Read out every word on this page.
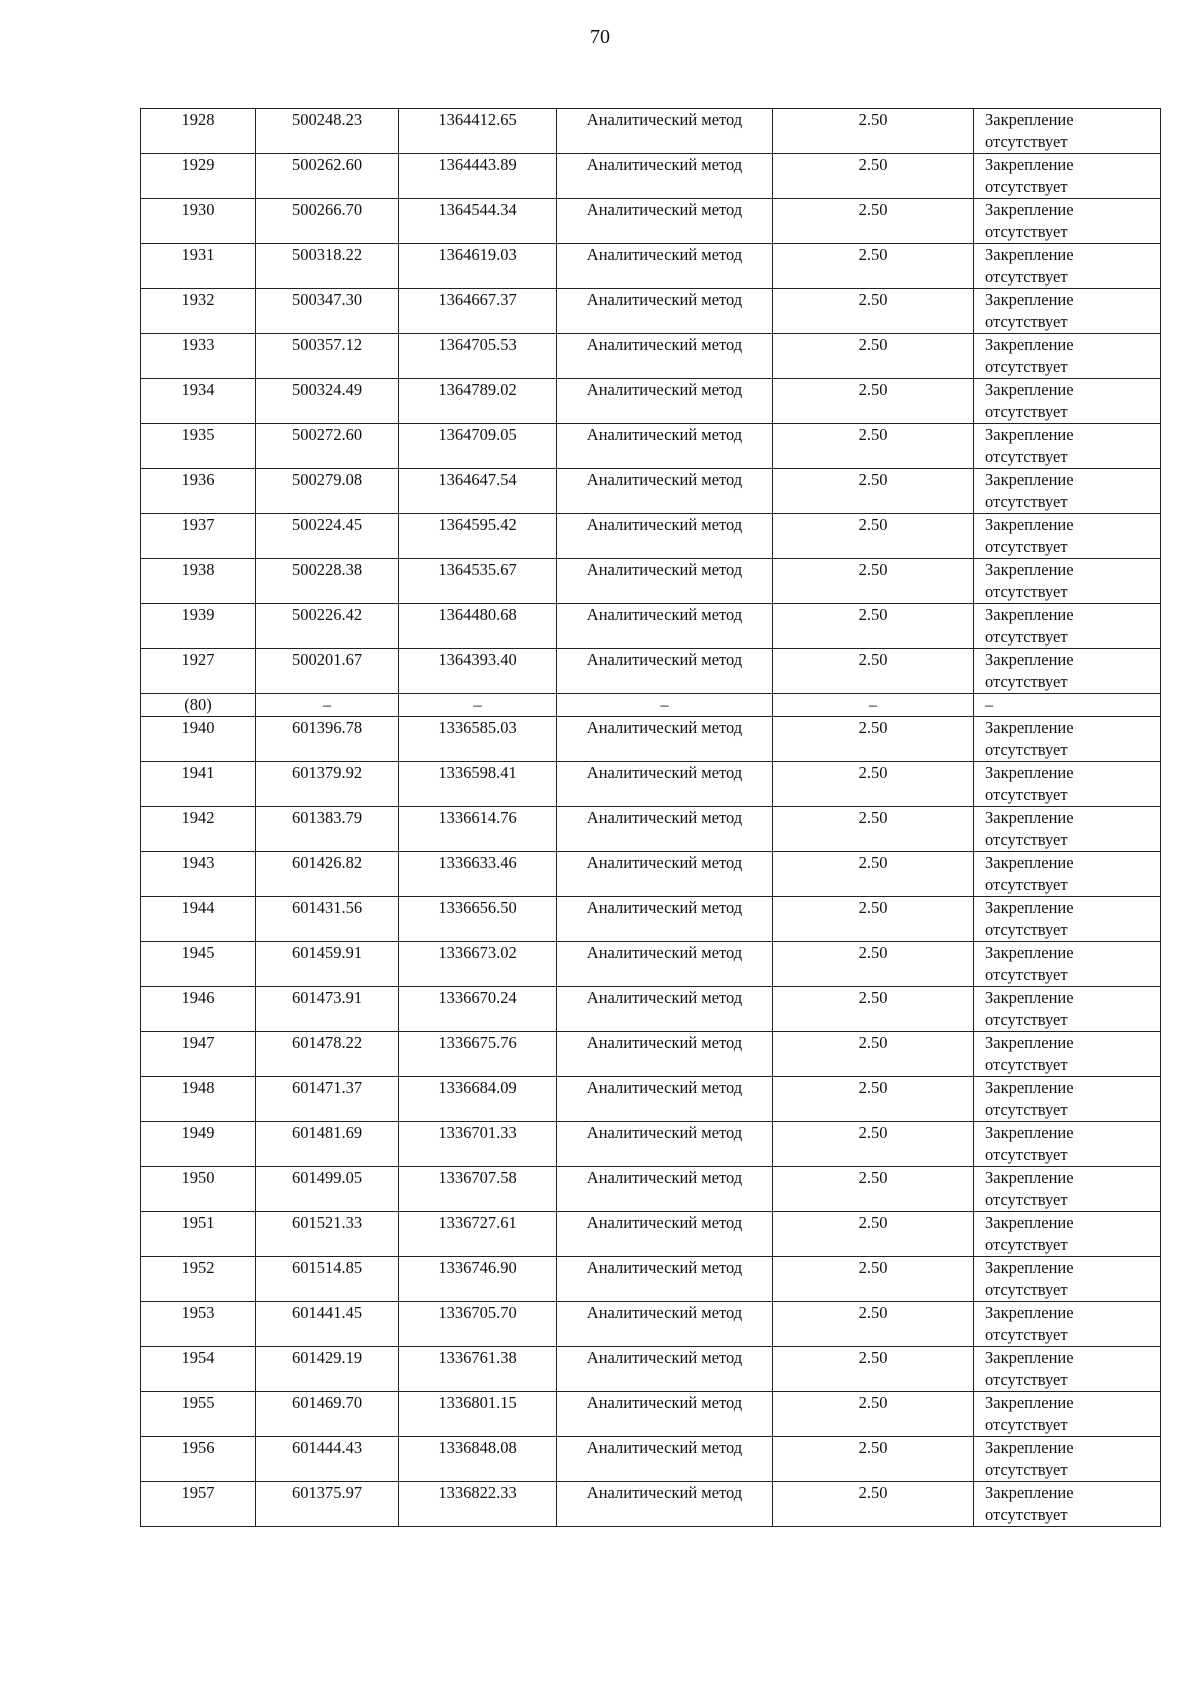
70
1928	500248.23	1364412.65	Аналитический метод	2.50	Закрепление
отсутствует

1929	500262.60	1364443.89	Аналитический метод	2.50	Закрепление
отсутствует

1930	500266.70	1364544.34	Аналитический метод	2.50	Закрепление
отсутствует

1931	500318.22	1364619.03	Аналитический метод	2.50	Закрепление
отсутствует

1932	500347.30	1364667.37	Аналитический метод	2.50	Закрепление
отсутствует

1933	500357.12	1364705.53	Аналитический метод	2.50	Закрепление
отсутствует

1934	500324.49	1364789.02	Аналитический метод	2.50	Закрепление
отсутствует

1935	500272.60	1364709.05	Аналитический метод	2.50	Закрепление
отсутствует

1936	500279.08	1364647.54	Аналитический метод	2.50	Закрепление
отсутствует

1937	500224.45	1364595.42	Аналитический метод	2.50	Закрепление
отсутствует

1938	500228.38	1364535.67	Аналитический метод	2.50	Закрепление
отсутствует

1939	500226.42	1364480.68	Аналитический метод	2.50	Закрепление
отсутствует

1927	500201.67	1364393.40	Аналитический метод	2.50	Закрепление
отсутствует

(80)	–	–	–	–	–

1940	601396.78	1336585.03	Аналитический метод	2.50	Закрепление
отсутствует

1941	601379.92	1336598.41	Аналитический метод	2.50	Закрепление
отсутствует

1942	601383.79	1336614.76	Аналитический метод	2.50	Закрепление
отсутствует

1943	601426.82	1336633.46	Аналитический метод	2.50	Закрепление
отсутствует

1944	601431.56	1336656.50	Аналитический метод	2.50	Закрепление
отсутствует

1945	601459.91	1336673.02	Аналитический метод	2.50	Закрепление
отсутствует

1946	601473.91	1336670.24	Аналитический метод	2.50	Закрепление
отсутствует

1947	601478.22	1336675.76	Аналитический метод	2.50	Закрепление
отсутствует

1948	601471.37	1336684.09	Аналитический метод	2.50	Закрепление
отсутствует

1949	601481.69	1336701.33	Аналитический метод	2.50	Закрепление
отсутствует

1950	601499.05	1336707.58	Аналитический метод	2.50	Закрепление
отсутствует

1951	601521.33	1336727.61	Аналитический метод	2.50	Закрепление
отсутствует

1952	601514.85	1336746.90	Аналитический метод	2.50	Закрепление
отсутствует

1953	601441.45	1336705.70	Аналитический метод	2.50	Закрепление
отсутствует

1954	601429.19	1336761.38	Аналитический метод	2.50	Закрепление
отсутствует

1955	601469.70	1336801.15	Аналитический метод	2.50	Закрепление
отсутствует

1956	601444.43	1336848.08	Аналитический метод	2.50	Закрепление
отсутствует

1957	601375.97	1336822.33	Аналитический метод	2.50	Закрепление
отсутствует
